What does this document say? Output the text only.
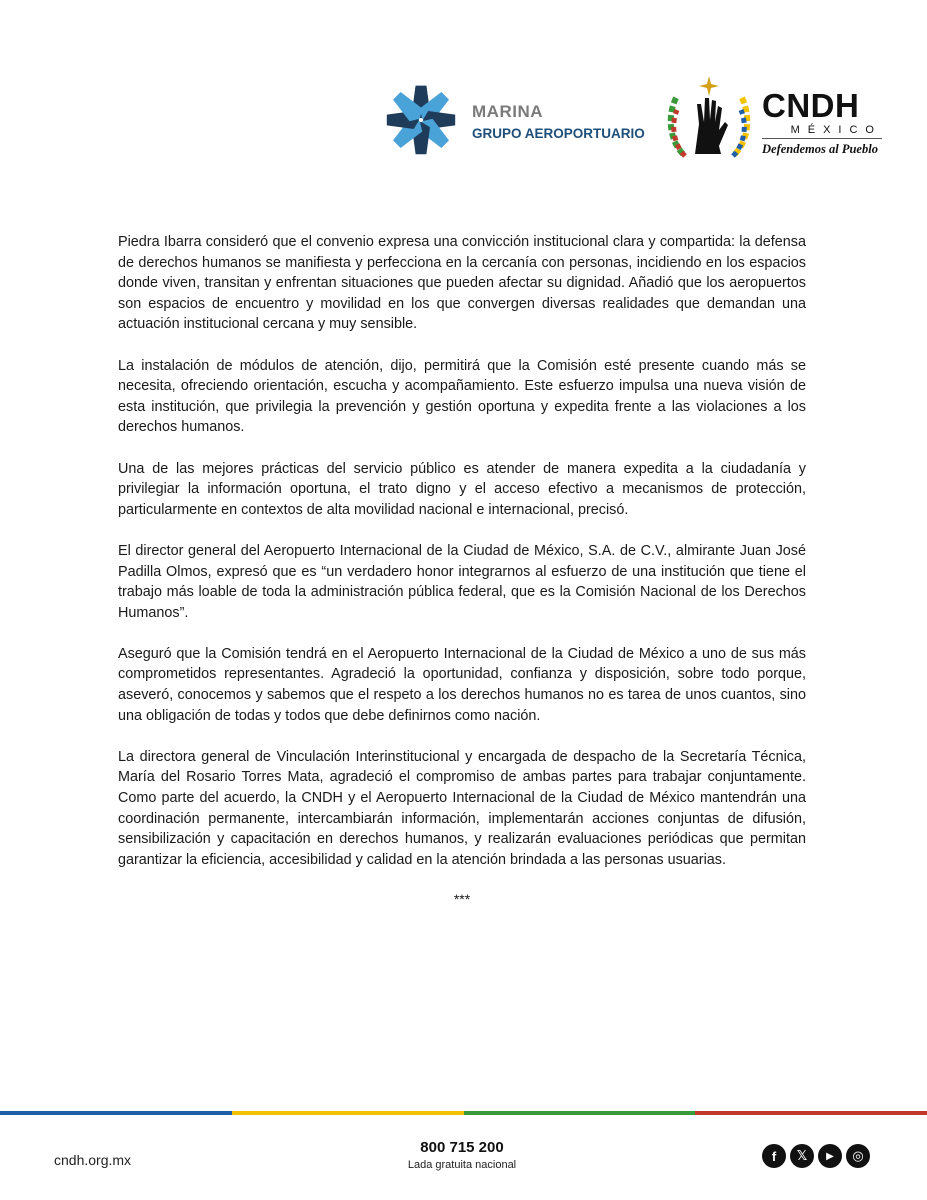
MARINA
GRUPO AEROPORTUARIO
CNDH
MÉXICO
Defendemos al Pueblo

Piedra Ibarra consideró que el convenio expresa una convicción institucional clara y compartida: la defensa de derechos humanos se manifiesta y perfecciona en la cercanía con personas, incidiendo en los espacios donde viven, transitan y enfrentan situaciones que pueden afectar su dignidad. Añadió que los aeropuertos son espacios de encuentro y movilidad en los que convergen diversas realidades que demandan una actuación institucional cercana y muy sensible.

La instalación de módulos de atención, dijo, permitirá que la Comisión esté presente cuando más se necesita, ofreciendo orientación, escucha y acompañamiento. Este esfuerzo impulsa una nueva visión de esta institución, que privilegia la prevención y gestión oportuna y expedita frente a las violaciones a los derechos humanos.

Una de las mejores prácticas del servicio público es atender de manera expedita a la ciudadanía y privilegiar la información oportuna, el trato digno y el acceso efectivo a mecanismos de protección, particularmente en contextos de alta movilidad nacional e internacional, precisó.

El director general del Aeropuerto Internacional de la Ciudad de México, S.A. de C.V., almirante Juan José Padilla Olmos, expresó que es “un verdadero honor integrarnos al esfuerzo de una institución que tiene el trabajo más loable de toda la administración pública federal, que es la Comisión Nacional de los Derechos Humanos”.

Aseguró que la Comisión tendrá en el Aeropuerto Internacional de la Ciudad de México a uno de sus más comprometidos representantes. Agradeció la oportunidad, confianza y disposición, sobre todo porque, aseveró, conocemos y sabemos que el respeto a los derechos humanos no es tarea de unos cuantos, sino una obligación de todas y todos que debe definirnos como nación.

La directora general de Vinculación Interinstitucional y encargada de despacho de la Secretaría Técnica, María del Rosario Torres Mata, agradeció el compromiso de ambas partes para trabajar conjuntamente. Como parte del acuerdo, la CNDH y el Aeropuerto Internacional de la Ciudad de México mantendrán una coordinación permanente, intercambiarán información, implementarán acciones conjuntas de difusión, sensibilización y capacitación en derechos humanos, y realizarán evaluaciones periódicas que permitan garantizar la eficiencia, accesibilidad y calidad en la atención brindada a las personas usuarias.

***
cndh.org.mx
800 715 200
Lada gratuita nacional
f	𝕏	▶	◎
